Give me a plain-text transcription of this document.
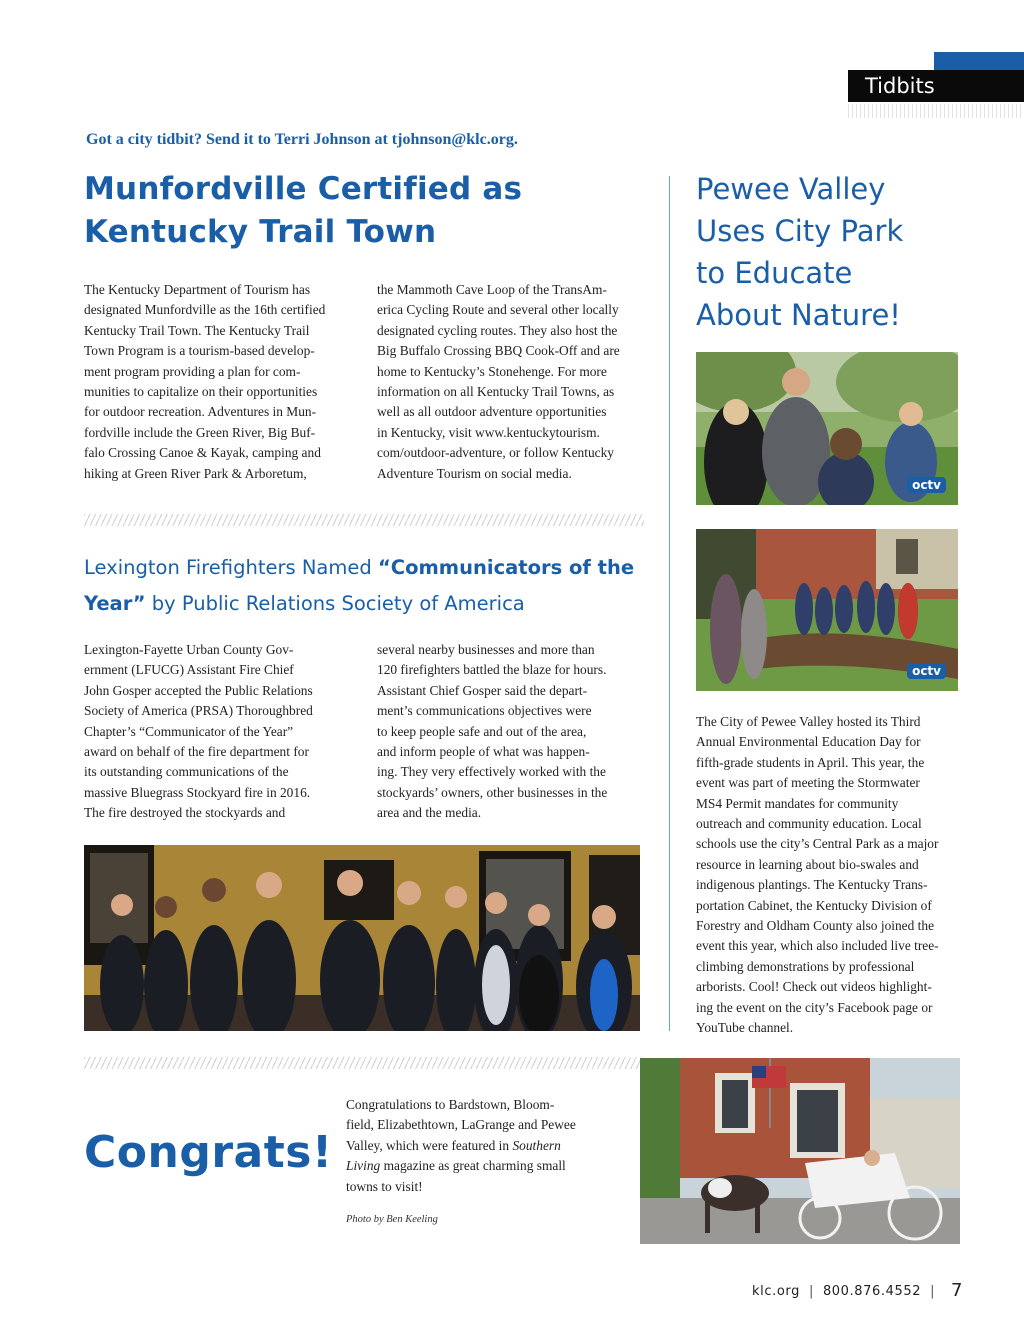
Tidbits
Got a city tidbit? Send it to Terri Johnson at tjohnson@klc.org.
Munfordville Certified as
Kentucky Trail Town
The Kentucky Department of Tourism has
designated Munfordville as the 16th certified
Kentucky Trail Town. The Kentucky Trail
Town Program is a tourism-based develop-
ment program providing a plan for com-
munities to capitalize on their opportunities
for outdoor recreation. Adventures in Mun-
fordville include the Green River, Big Buf-
falo Crossing Canoe & Kayak, camping and
hiking at Green River Park & Arboretum,
the Mammoth Cave Loop of the TransAm-
erica Cycling Route and several other locally
designated cycling routes. They also host the
Big Buffalo Crossing BBQ Cook-Off and are
home to Kentucky’s Stonehenge. For more
information on all Kentucky Trail Towns, as
well as all outdoor adventure opportunities
in Kentucky, visit www.kentuckytourism.
com/outdoor-adventure, or follow Kentucky
Adventure Tourism on social media.
Lexington Firefighters Named “Communicators of the
Year” by Public Relations Society of America
Lexington-Fayette Urban County Gov-
ernment (LFUCG) Assistant Fire Chief
John Gosper accepted the Public Relations
Society of America (PRSA) Thoroughbred
Chapter’s “Communicator of the Year”
award on behalf of the fire department for
its outstanding communications of the
massive Bluegrass Stockyard fire in 2016.
The fire destroyed the stockyards and
several nearby businesses and more than
120 firefighters battled the blaze for hours.
Assistant Chief Gosper said the depart-
ment’s communications objectives were
to keep people safe and out of the area,
and inform people of what was happen-
ing. They very effectively worked with the
stockyards’ owners, other businesses in the
area and the media.
Pewee Valley
Uses City Park
to Educate
About Nature!
octv
octv
The City of Pewee Valley hosted its Third
Annual Environmental Education Day for
fifth-grade students in April. This year, the
event was part of meeting the Stormwater
MS4 Permit mandates for community
outreach and community education. Local
schools use the city’s Central Park as a major
resource in learning about bio-swales and
indigenous plantings. The Kentucky Trans-
portation Cabinet, the Kentucky Division of
Forestry and Oldham County also joined the
event this year, which also included live tree-
climbing demonstrations by professional
arborists. Cool! Check out videos highlight-
ing the event on the city’s Facebook page or
YouTube channel.
Congrats!
Congratulations to Bardstown, Bloom-
field, Elizabethtown, LaGrange and Pewee
Valley, which were featured in Southern
Living magazine as great charming small
towns to visit!
Photo by Ben Keeling
klc.org | 800.876.4552 | 7
